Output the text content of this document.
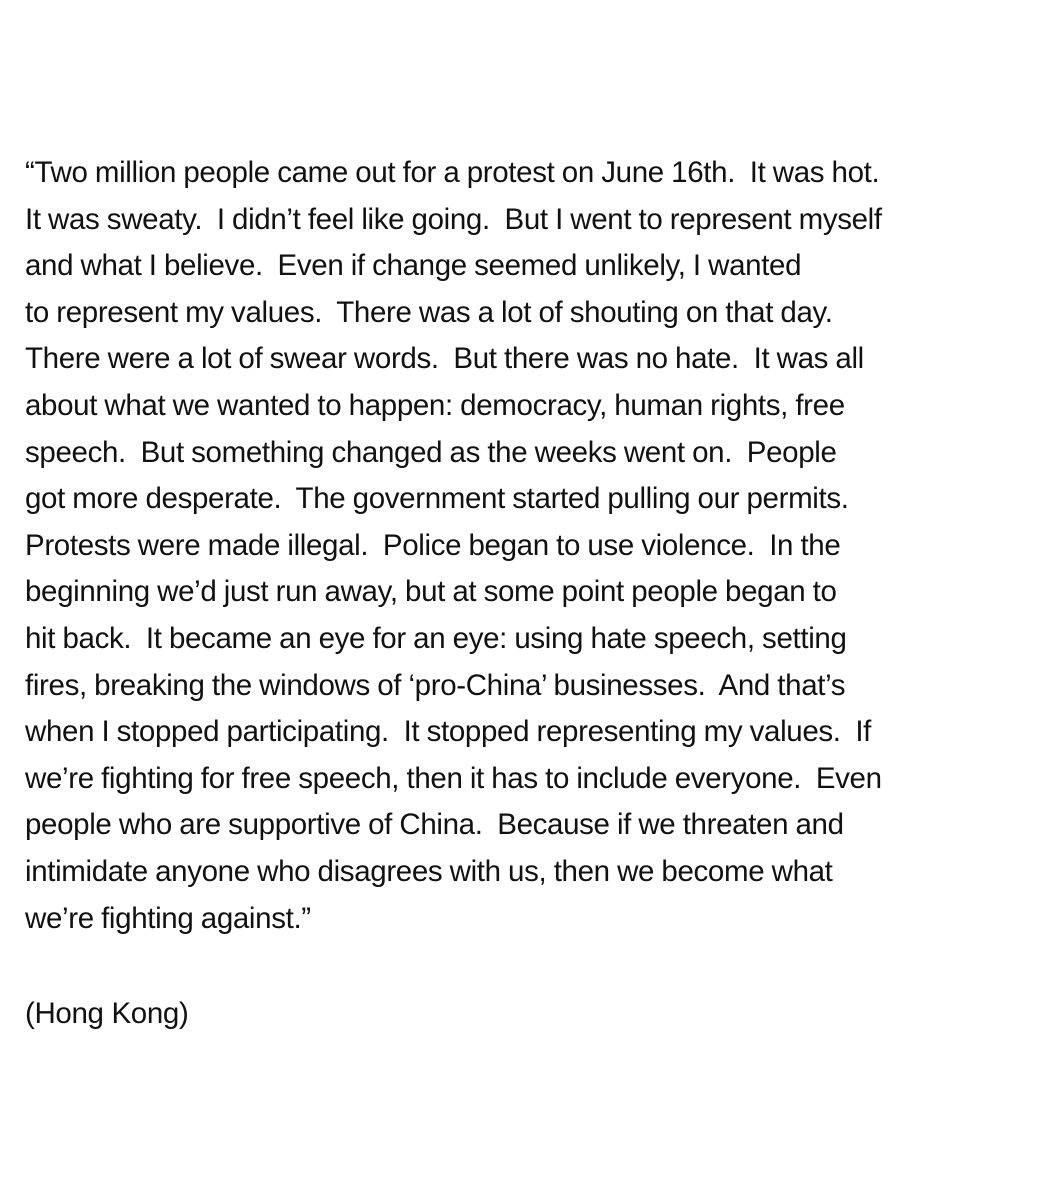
“Two million people came out for a protest on June 16th.  It was hot.
It was sweaty.  I didn’t feel like going.  But I went to represent myself
and what I believe.  Even if change seemed unlikely, I wanted
to represent my values.  There was a lot of shouting on that day.
There were a lot of swear words.  But there was no hate.  It was all
about what we wanted to happen: democracy, human rights, free
speech.  But something changed as the weeks went on.  People
got more desperate.  The government started pulling our permits.
Protests were made illegal.  Police began to use violence.  In the
beginning we’d just run away, but at some point people began to
hit back.  It became an eye for an eye: using hate speech, setting
fires, breaking the windows of ‘pro-China’ businesses.  And that’s
when I stopped participating.  It stopped representing my values.  If
we’re fighting for free speech, then it has to include everyone.  Even
people who are supportive of China.  Because if we threaten and
intimidate anyone who disagrees with us, then we become what
we’re fighting against.”
(Hong Kong)
